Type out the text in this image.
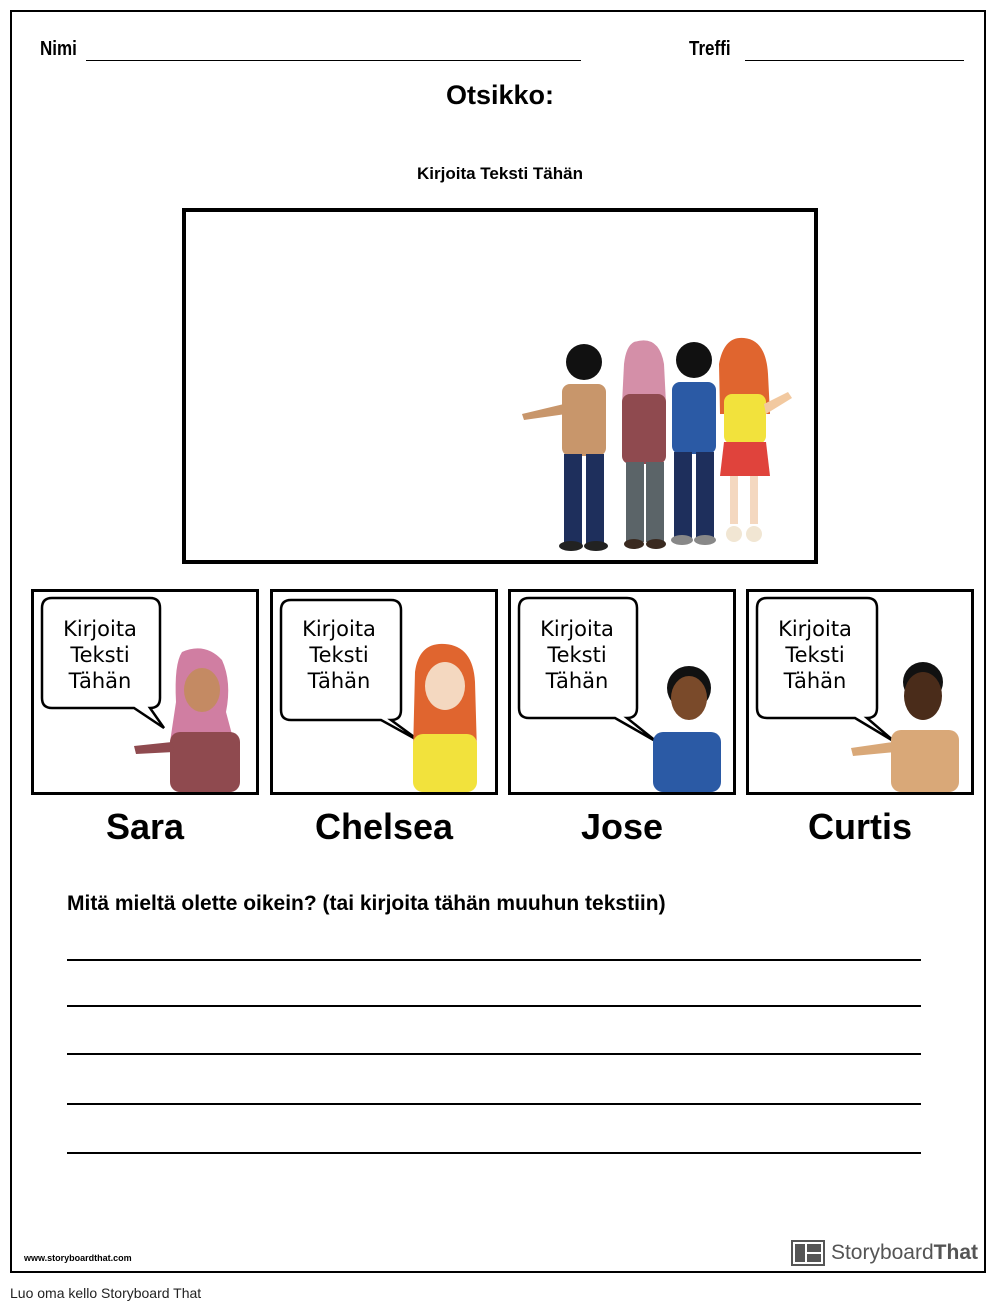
Nimi	Treffi
Otsikko:
Kirjoita Teksti Tähän
Kirjoita
Teksti
Tähän
Sara
Kirjoita
Teksti
Tähän
Chelsea
Kirjoita
Teksti
Tähän
Jose
Kirjoita
Teksti
Tähän
Curtis
Mitä mieltä olette oikein? (tai kirjoita tähän muuhun tekstiin)
www.storyboardthat.com	StoryboardThat
Luo oma kello Storyboard That
